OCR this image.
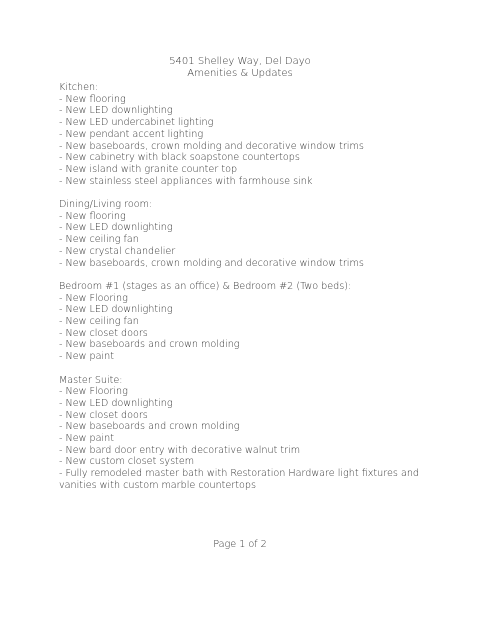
5401 Shelley Way, Del Dayo
Amenities & Updates
Kitchen:
- New flooring
- New LED downlighting
- New LED undercabinet lighting
- New pendant accent lighting
- New baseboards, crown molding and decorative window trims
- New cabinetry with black soapstone countertops
- New island with granite counter top
- New stainless steel appliances with farmhouse sink
Dining/Living room:
- New flooring
- New LED downlighting
- New ceiling fan
- New crystal chandelier
- New baseboards, crown molding and decorative window trims
Bedroom #1 (stages as an office) & Bedroom #2 (Two beds):
- New Flooring
- New LED downlighting
- New ceiling fan
- New closet doors
- New baseboards and crown molding
- New paint
Master Suite:
- New Flooring
- New LED downlighting
- New closet doors
- New baseboards and crown molding
- New paint
- New bard door entry with decorative walnut trim
- New custom closet system
- Fully remodeled master bath with Restoration Hardware light fixtures and vanities with custom marble countertops
Page 1 of 2
